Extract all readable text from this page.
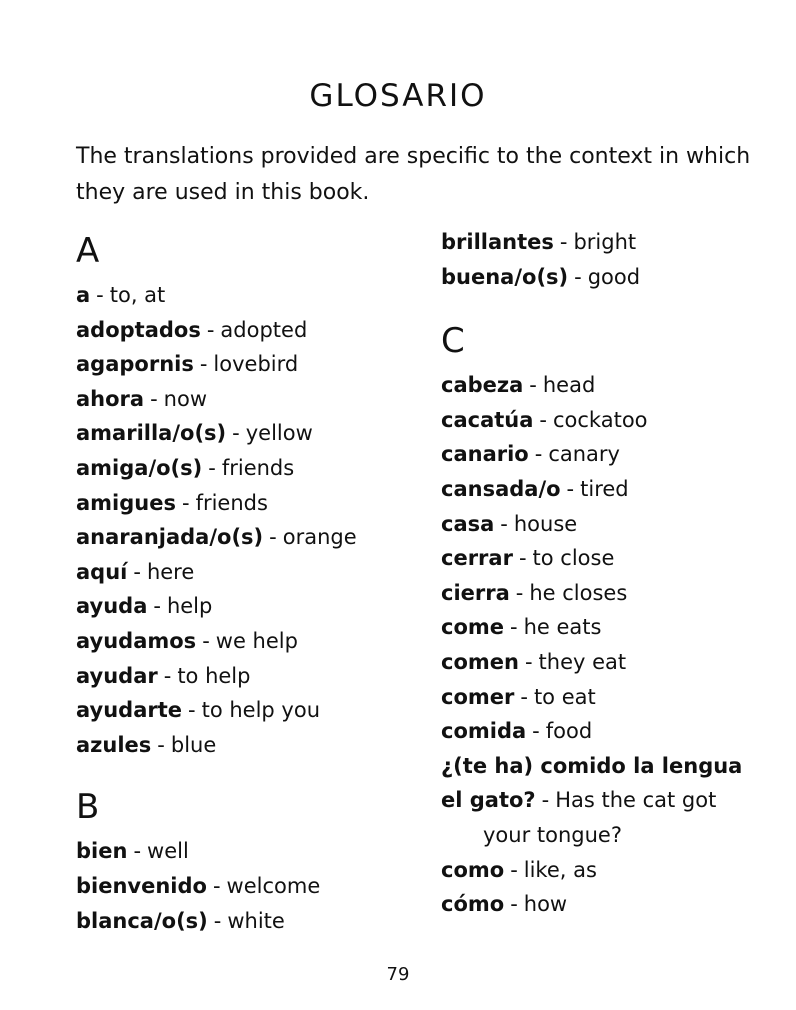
GLOSARIO

The translations provided are specific to the context in which they are used in this book.

A
a - to, at
adoptados - adopted
agapornis - lovebird
ahora - now
amarilla/o(s) - yellow
amiga/o(s) - friends
amigues - friends
anaranjada/o(s) - orange
aquí - here
ayuda - help
ayudamos - we help
ayudar - to help
ayudarte - to help you
azules - blue
B
bien - well
bienvenido - welcome
blanca/o(s) - white
brillantes - bright
buena/o(s) - good
C
cabeza - head
cacatúa - cockatoo
canario - canary
cansada/o - tired
casa - house
cerrar - to close
cierra - he closes
come - he eats
comen - they eat
comer - to eat
comida - food
¿(te ha) comido la lengua
el gato? - Has the cat got
your tongue?
como - like, as
cómo - how
79
